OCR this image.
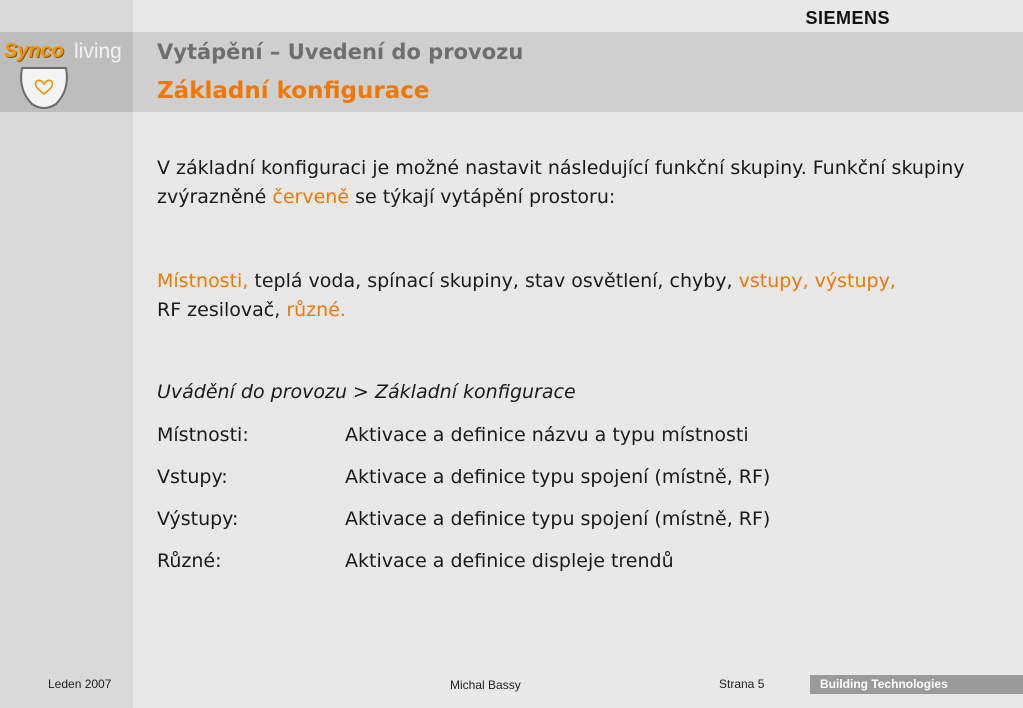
SIEMENS
Synco living Vytápění – Uvedení do provozu
Základní konfigurace

V základní konfiguraci je možné nastavit následující funkční skupiny. Funkční skupiny zvýrazněné červeně se týkají vytápění prostoru:

Místnosti, teplá voda, spínací skupiny, stav osvětlení, chyby, vstupy, výstupy,
RF zesilovač, různé.

Uvádění do provozu > Základní konfigurace
Místnosti:	Aktivace a definice názvu a typu místnosti
Vstupy:	Aktivace a definice typu spojení (místně, RF)
Výstupy:	Aktivace a definice typu spojení (místně, RF)
Různé:	Aktivace a definice displeje trendů
Leden 2007	Michal Bassy	Strana 5	Building Technologies
